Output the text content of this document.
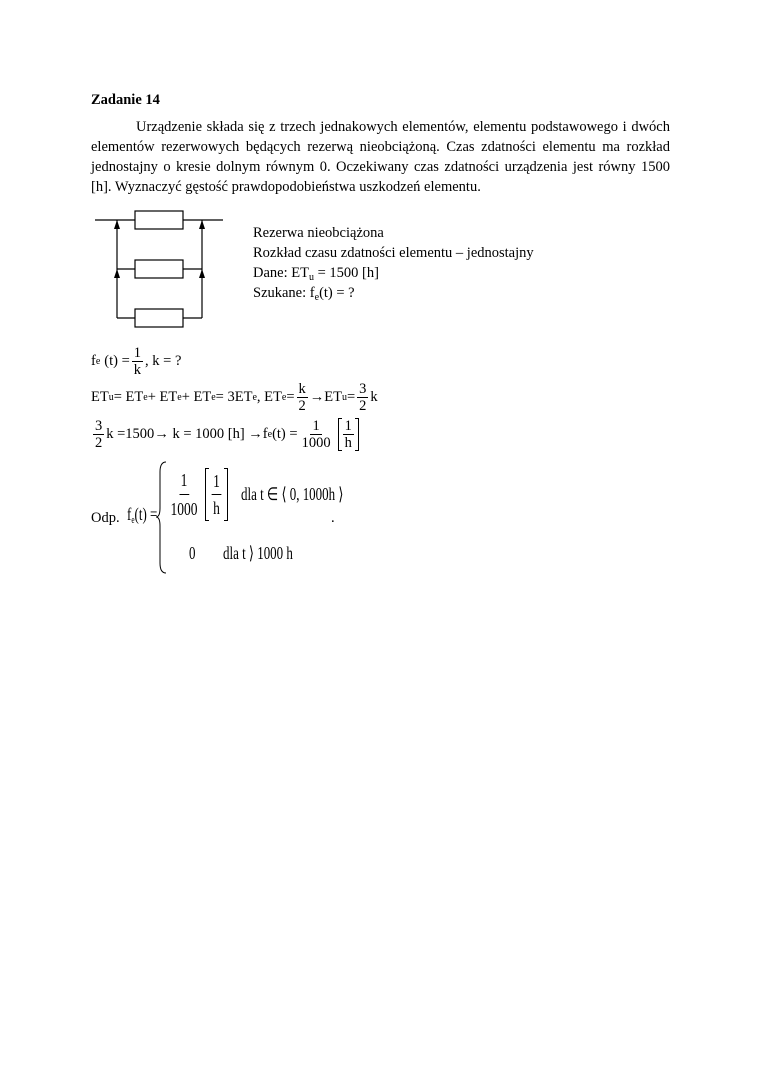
Zadanie 14

Urządzenie składa się z trzech jednakowych elementów, elementu podstawowego i dwóch elementów rezerwowych będących rezerwą nieobciążoną. Czas zdatności elementu ma rozkład jednostajny o kresie dolnym równym 0. Oczekiwany czas zdatności urządzenia jest równy 1500 [h]. Wyznaczyć gęstość prawdopodobieństwa uszkodzeń elementu.

Rezerwa nieobciążona
Rozkład czasu zdatności elementu – jednostajny
Dane: $ET_u = 1500$ [h]
Szukane: $f_e(t)$ = ?
f e $(t) = \frac{1}{k}$ , k = ?
ET u = ET e + ET e + ET e = 3ET e , ET $e = \frac{k}{2}$ → ET $u = \frac{3}{2}$ k
$\frac{3}{2}$ k =1500 → k = 1000 [h] → f e $(t) = \frac{1}{1000} \frac{1}{h}$
Odp. $f_e(t) = \frac{1}{1000} \frac{1}{h}$ dla t ∈ ⟨ 0, 1000h ⟩
0 dla t ⟩ 1000 h
.
